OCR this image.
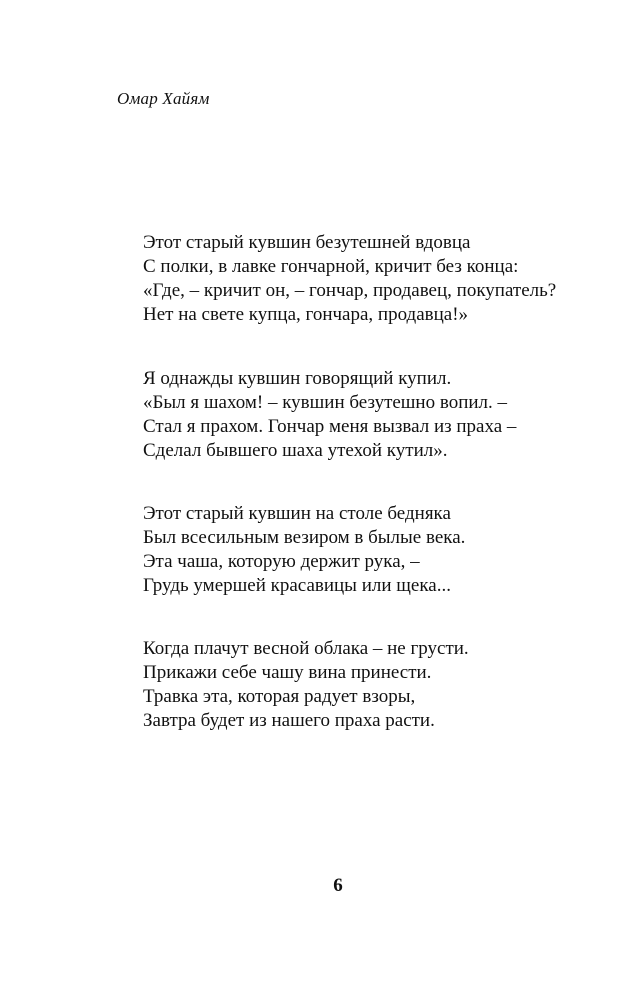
Омар Хайям
Этот старый кувшин безутешней вдовца
С полки, в лавке гончарной, кричит без конца:
«Где, – кричит он, – гончар, продавец, покупатель?
Нет на свете купца, гончара, продавца!»
Я однажды кувшин говорящий купил.
«Был я шахом! – кувшин безутешно вопил. –
Стал я прахом. Гончар меня вызвал из праха –
Сделал бывшего шаха утехой кутил».
Этот старый кувшин на столе бедняка
Был всесильным везиром в былые века.
Эта чаша, которую держит рука, –
Грудь умершей красавицы или щека...
Когда плачут весной облака – не грусти.
Прикажи себе чашу вина принести.
Травка эта, которая радует взоры,
Завтра будет из нашего праха расти.
6
